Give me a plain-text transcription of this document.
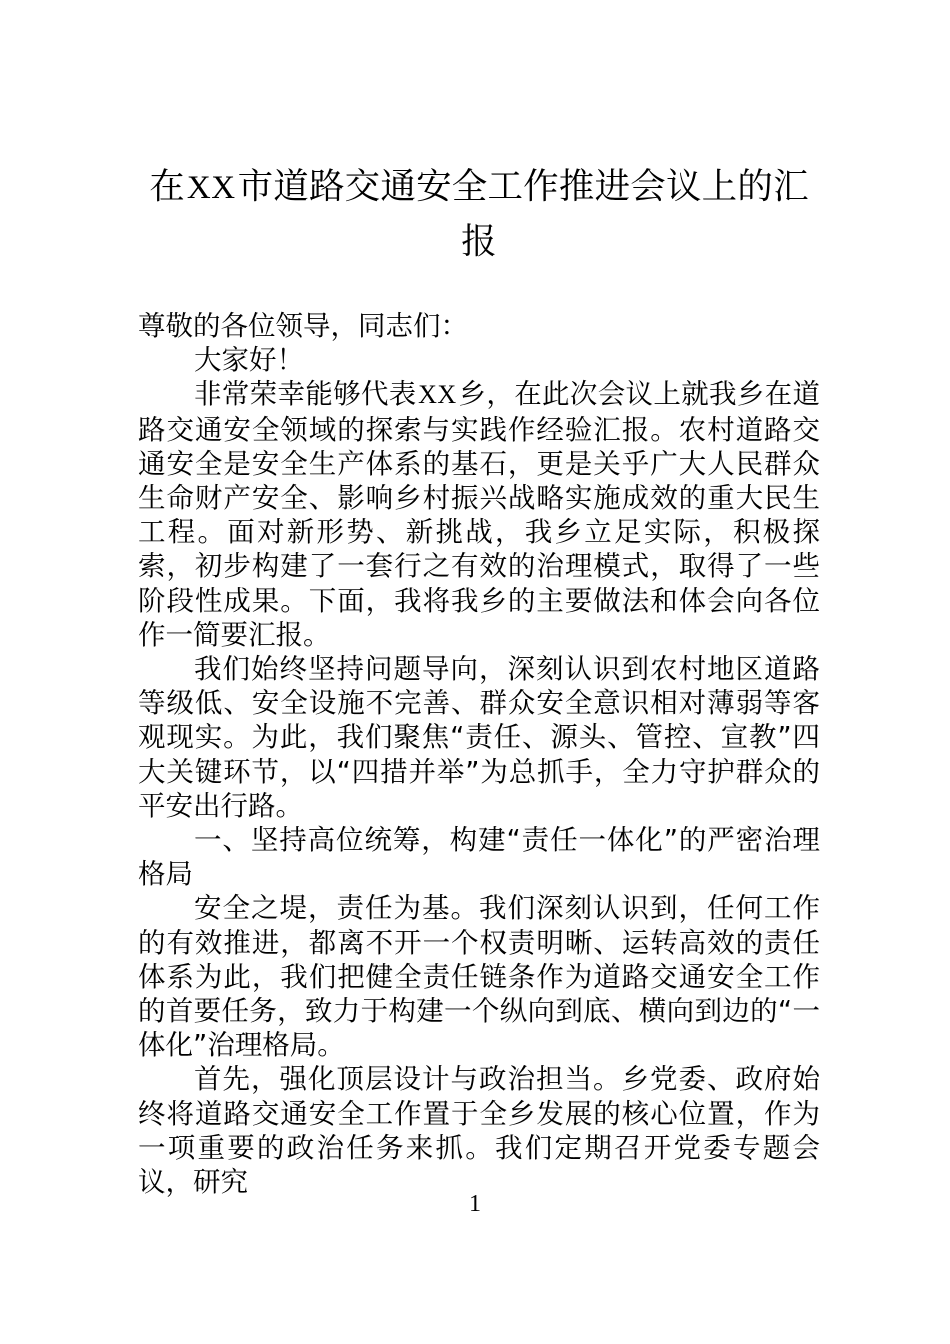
在XX市道路交通安全工作推进会议上的汇报

尊敬的各位领导，同志们：

大家好！

非常荣幸能够代表XX乡，在此次会议上就我乡在道路交通安全领域的探索与实践作经验汇报。农村道路交通安全是安全生产体系的基石，更是关乎广大人民群众生命财产安全、影响乡村振兴战略实施成效的重大民生工程。面对新形势、新挑战，我乡立足实际，积极探索，初步构建了一套行之有效的治理模式，取得了一些阶段性成果。下面，我将我乡的主要做法和体会向各位作一简要汇报。

我们始终坚持问题导向，深刻认识到农村地区道路等级低、安全设施不完善、群众安全意识相对薄弱等客观现实。为此，我们聚焦“责任、源头、管控、宣教”四大关键环节，以“四措并举”为总抓手，全力守护群众的平安出行路。

一、坚持高位统筹，构建“责任一体化”的严密治理格局

安全之堤，责任为基。我们深刻认识到，任何工作的有效推进，都离不开一个权责明晰、运转高效的责任体系为此，我们把健全责任链条作为道路交通安全工作的首要任务，致力于构建一个纵向到底、横向到边的“一体化”治理格局。

首先，强化顶层设计与政治担当。乡党委、政府始终将道路交通安全工作置于全乡发展的核心位置，作为一项重要的政治任务来抓。我们定期召开党委专题会议，研究

1
